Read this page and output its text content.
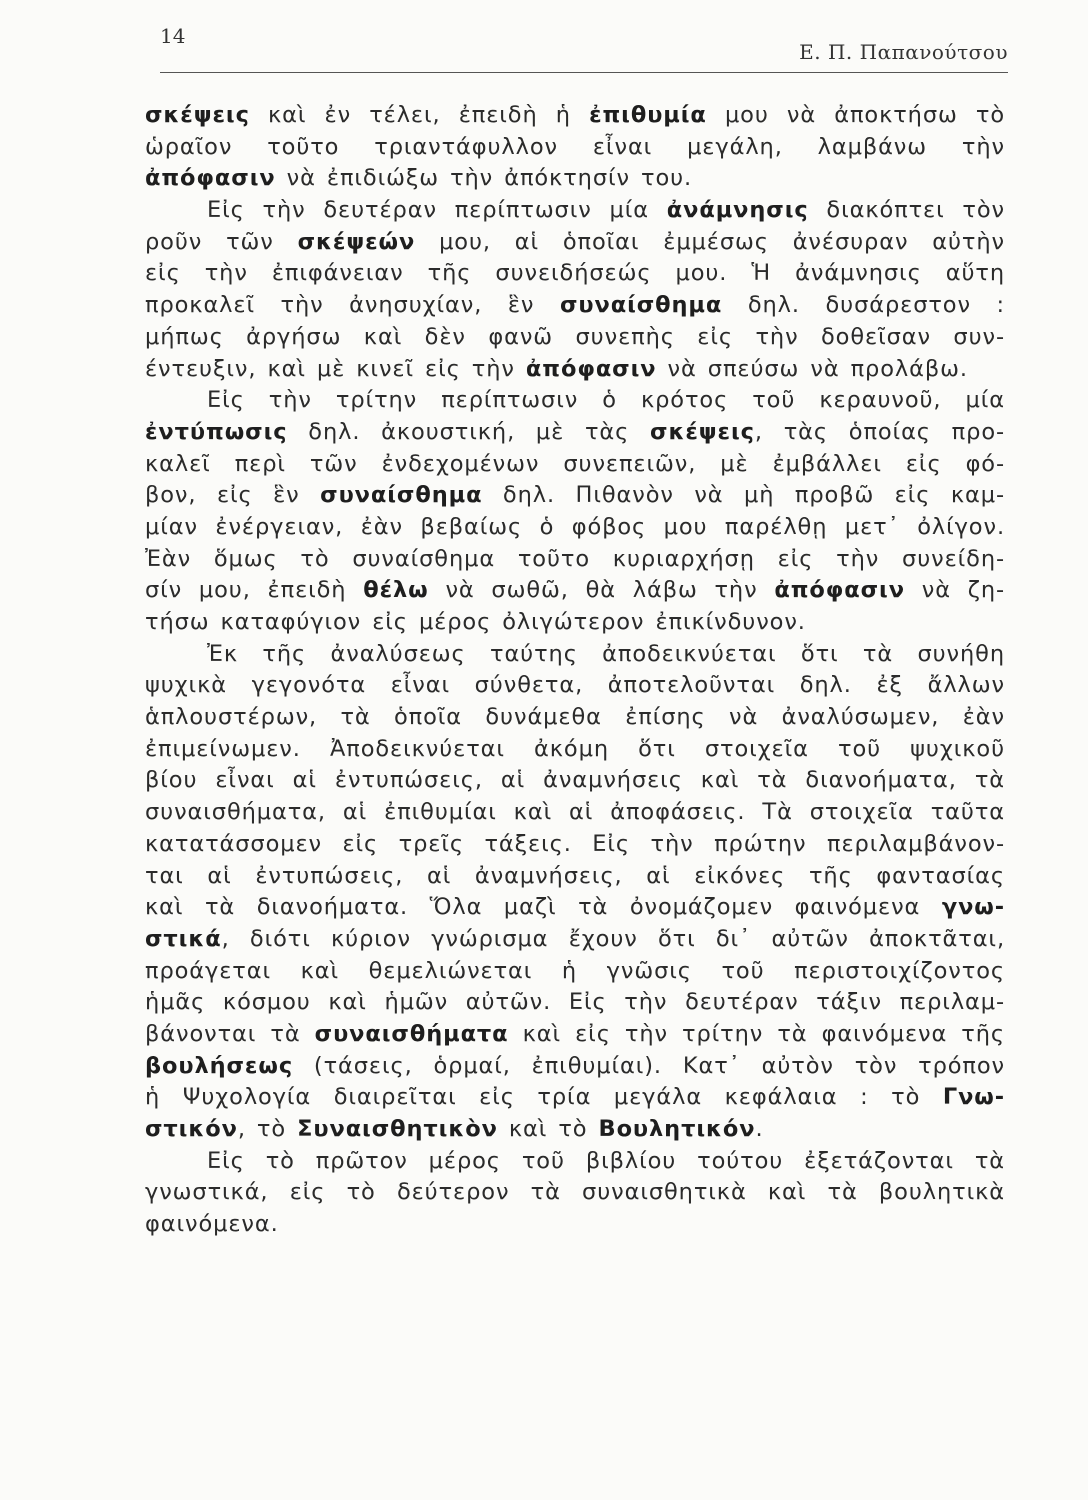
14
Ε. Π. Παπανούτσου
σκέψεις καὶ ἐν τέλει, ἐπειδὴ ἡ ἐπιθυμία μου νὰ ἀποκτήσω τὸ
ὡραῖον τοῦτο τριαντάφυλλον εἶναι μεγάλη, λαμβάνω τὴν
ἀπόφασιν νὰ ἐπιδιώξω τὴν ἀπόκτησίν του.
Εἰς τὴν δευτέραν περίπτωσιν μία ἀνάμνησις διακόπτει τὸν
ροῦν τῶν σκέψεών μου, αἱ ὁποῖαι ἐμμέσως ἀνέσυραν αὐτὴν
εἰς τὴν ἐπιφάνειαν τῆς συνειδήσεώς μου. Ἡ ἀνάμνησις αὕτη
προκαλεῖ τὴν ἀνησυχίαν, ἓν συναίσθημα δηλ. δυσάρεστον :
μήπως ἀργήσω καὶ δὲν φανῶ συνεπὴς εἰς τὴν δοθεῖσαν συν-
έντευξιν, καὶ μὲ κινεῖ εἰς τὴν ἀπόφασιν νὰ σπεύσω νὰ προλάβω.
Εἰς τὴν τρίτην περίπτωσιν ὁ κρότος τοῦ κεραυνοῦ, μία
ἐντύπωσις δηλ. ἀκουστική, μὲ τὰς σκέψεις, τὰς ὁποίας προ-
καλεῖ περὶ τῶν ἐνδεχομένων συνεπειῶν, μὲ ἐμβάλλει εἰς φό-
βον, εἰς ἓν συναίσθημα δηλ. Πιθανὸν νὰ μὴ προβῶ εἰς καμ-
μίαν ἐνέργειαν, ἐὰν βεβαίως ὁ φόβος μου παρέλθῃ μετ᾽ ὀλίγον.
Ἐὰν ὅμως τὸ συναίσθημα τοῦτο κυριαρχήσῃ εἰς τὴν συνείδη-
σίν μου, ἐπειδὴ θέλω νὰ σωθῶ, θὰ λάβω τὴν ἀπόφασιν νὰ ζη-
τήσω καταφύγιον εἰς μέρος ὀλιγώτερον ἐπικίνδυνον.
Ἐκ τῆς ἀναλύσεως ταύτης ἀποδεικνύεται ὅτι τὰ συνήθη
ψυχικὰ γεγονότα εἶναι σύνθετα, ἀποτελοῦνται δηλ. ἐξ ἄλλων
ἁπλουστέρων, τὰ ὁποῖα δυνάμεθα ἐπίσης νὰ ἀναλύσωμεν, ἐὰν
ἐπιμείνωμεν. Ἀποδεικνύεται ἀκόμη ὅτι στοιχεῖα τοῦ ψυχικοῦ
βίου εἶναι αἱ ἐντυπώσεις, αἱ ἀναμνήσεις καὶ τὰ διανοήματα, τὰ
συναισθήματα, αἱ ἐπιθυμίαι καὶ αἱ ἀποφάσεις. Τὰ στοιχεῖα ταῦτα
κατατάσσομεν εἰς τρεῖς τάξεις. Εἰς τὴν πρώτην περιλαμβάνον-
ται αἱ ἐντυπώσεις, αἱ ἀναμνήσεις, αἱ εἰκόνες τῆς φαντασίας
καὶ τὰ διανοήματα. Ὅλα μαζὶ τὰ ὀνομάζομεν φαινόμενα γνω-
στικά, διότι κύριον γνώρισμα ἔχουν ὅτι δι᾽ αὐτῶν ἀποκτᾶται,
προάγεται καὶ θεμελιώνεται ἡ γνῶσις τοῦ περιστοιχίζοντος
ἡμᾶς κόσμου καὶ ἡμῶν αὐτῶν. Εἰς τὴν δευτέραν τάξιν περιλαμ-
βάνονται τὰ συναισθήματα καὶ εἰς τὴν τρίτην τὰ φαινόμενα τῆς
βουλήσεως (τάσεις, ὁρμαί, ἐπιθυμίαι). Κατ᾽ αὐτὸν τὸν τρόπον
ἡ Ψυχολογία διαιρεῖται εἰς τρία μεγάλα κεφάλαια : τὸ Γνω-
στικόν, τὸ Συναισθητικὸν καὶ τὸ Βουλητικόν.
Εἰς τὸ πρῶτον μέρος τοῦ βιβλίου τούτου ἐξετάζονται τὰ
γνωστικά, εἰς τὸ δεύτερον τὰ συναισθητικὰ καὶ τὰ βουλητικὰ
φαινόμενα.
